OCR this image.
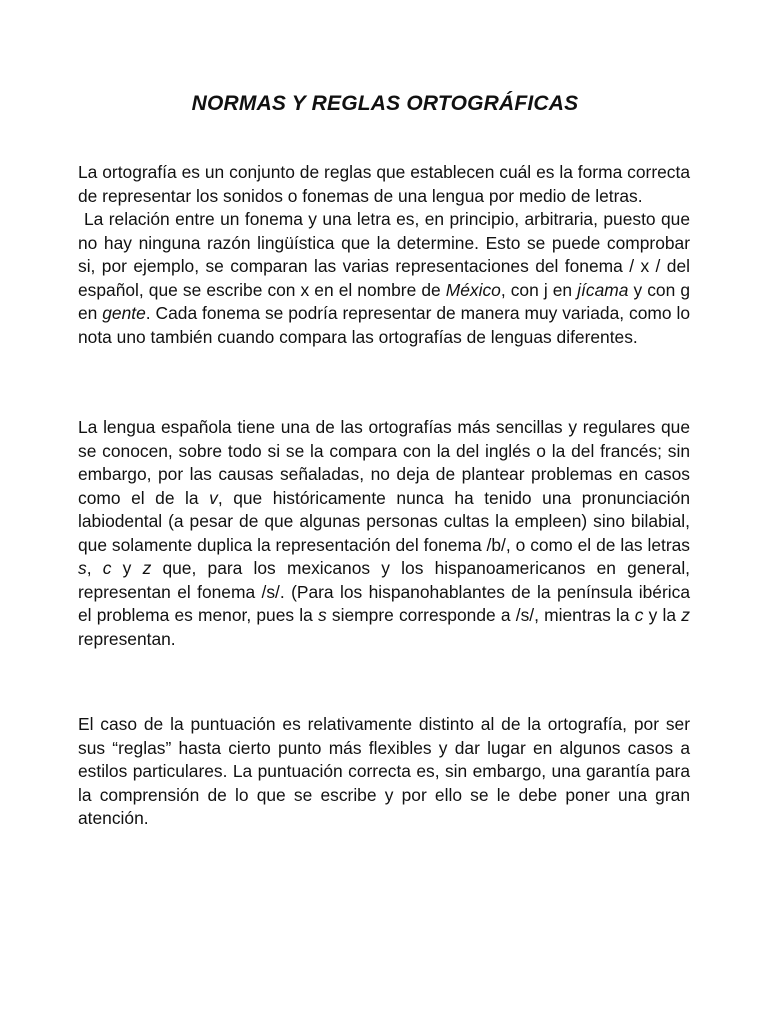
NORMAS Y REGLAS ORTOGRÁFICAS

La ortografía es un conjunto de reglas que establecen cuál es la forma correcta de representar los sonidos o fonemas de una lengua por medio de letras.
La relación entre un fonema y una letra es, en principio, arbitraria, puesto que no hay ninguna razón lingüística que la determine. Esto se puede comprobar si, por ejemplo, se comparan las varias representaciones del fonema / x / del español, que se escribe con x en el nombre de México, con j en jícama y con g en gente. Cada fonema se podría representar de manera muy variada, como lo nota uno también cuando compara las ortografías de lenguas diferentes.

La lengua española tiene una de las ortografías más sencillas y regulares que se conocen, sobre todo si se la compara con la del inglés o la del francés; sin embargo, por las causas señaladas, no deja de plantear problemas en casos como el de la v, que históricamente nunca ha tenido una pronunciación labiodental (a pesar de que algunas personas cultas la empleen) sino bilabial, que solamente duplica la representación del fonema /b/, o como el de las letras s, c y z que, para los mexicanos y los hispanoamericanos en general, representan el fonema /s/. (Para los hispanohablantes de la península ibérica el problema es menor, pues la s siempre corresponde a /s/, mientras la c y la z representan.

El caso de la puntuación es relativamente distinto al de la ortografía, por ser sus “reglas” hasta cierto punto más flexibles y dar lugar en algunos casos a estilos particulares. La puntuación correcta es, sin embargo, una garantía para la comprensión de lo que se escribe y por ello se le debe poner una gran atención.
